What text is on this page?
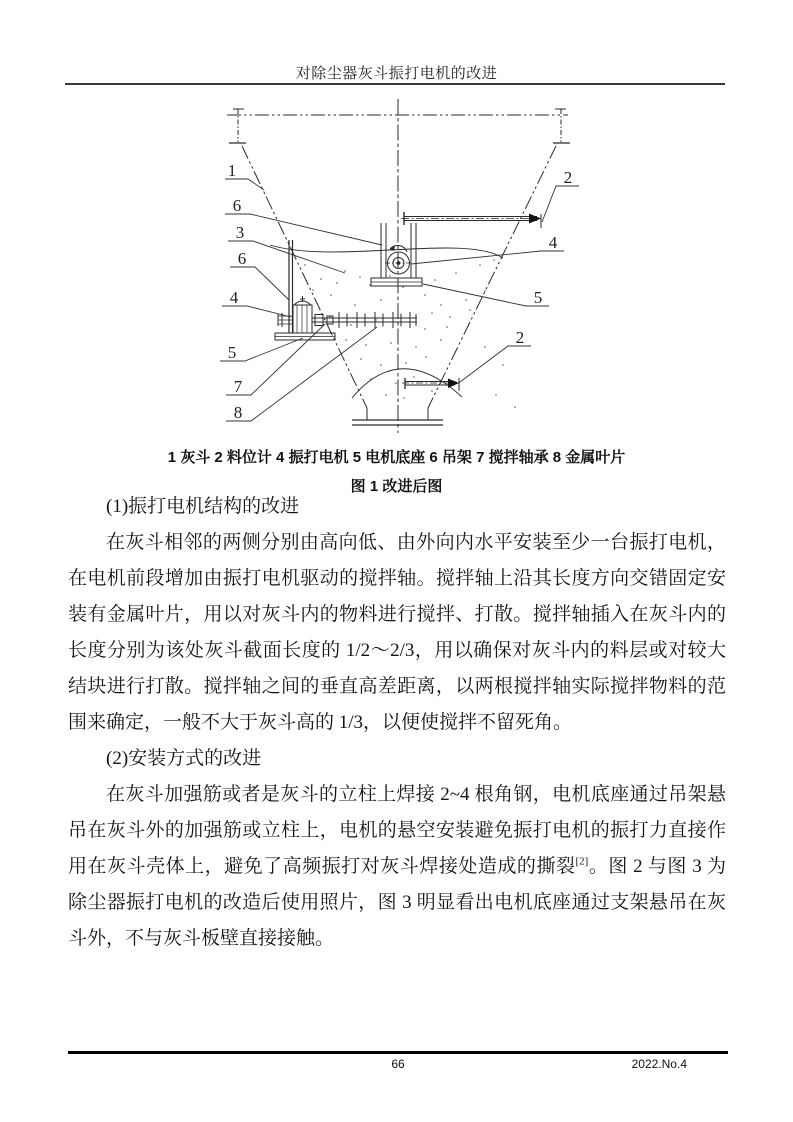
对除尘器灰斗振打电机的改进
1
6
3
6
4
5
7
8
2
4
5
2
1 灰斗 2 料位计 4 振打电机 5 电机底座 6 吊架 7 搅拌轴承 8 金属叶片
图 1 改进后图

(1)振打电机结构的改进

在灰斗相邻的两侧分别由高向低、由外向内水平安装至少一台振打电机，在电机前段增加由振打电机驱动的搅拌轴。搅拌轴上沿其长度方向交错固定安装有金属叶片，用以对灰斗内的物料进行搅拌、打散。搅拌轴插入在灰斗内的长度分别为该处灰斗截面长度的 1/2～2/3，用以确保对灰斗内的料层或对较大结块进行打散。搅拌轴之间的垂直高差距离，以两根搅拌轴实际搅拌物料的范围来确定，一般不大于灰斗高的 1/3，以便使搅拌不留死角。

(2)安装方式的改进

在灰斗加强筋或者是灰斗的立柱上焊接 2~4 根角钢，电机底座通过吊架悬吊在灰斗外的加强筋或立柱上，电机的悬空安装避免振打电机的振打力直接作用在灰斗壳体上，避免了高频振打对灰斗焊接处造成的撕裂[2]。图 2 与图 3 为除尘器振打电机的改造后使用照片，图 3 明显看出电机底座通过支架悬吊在灰斗外，不与灰斗板壁直接接触。

66	2022.No.4
